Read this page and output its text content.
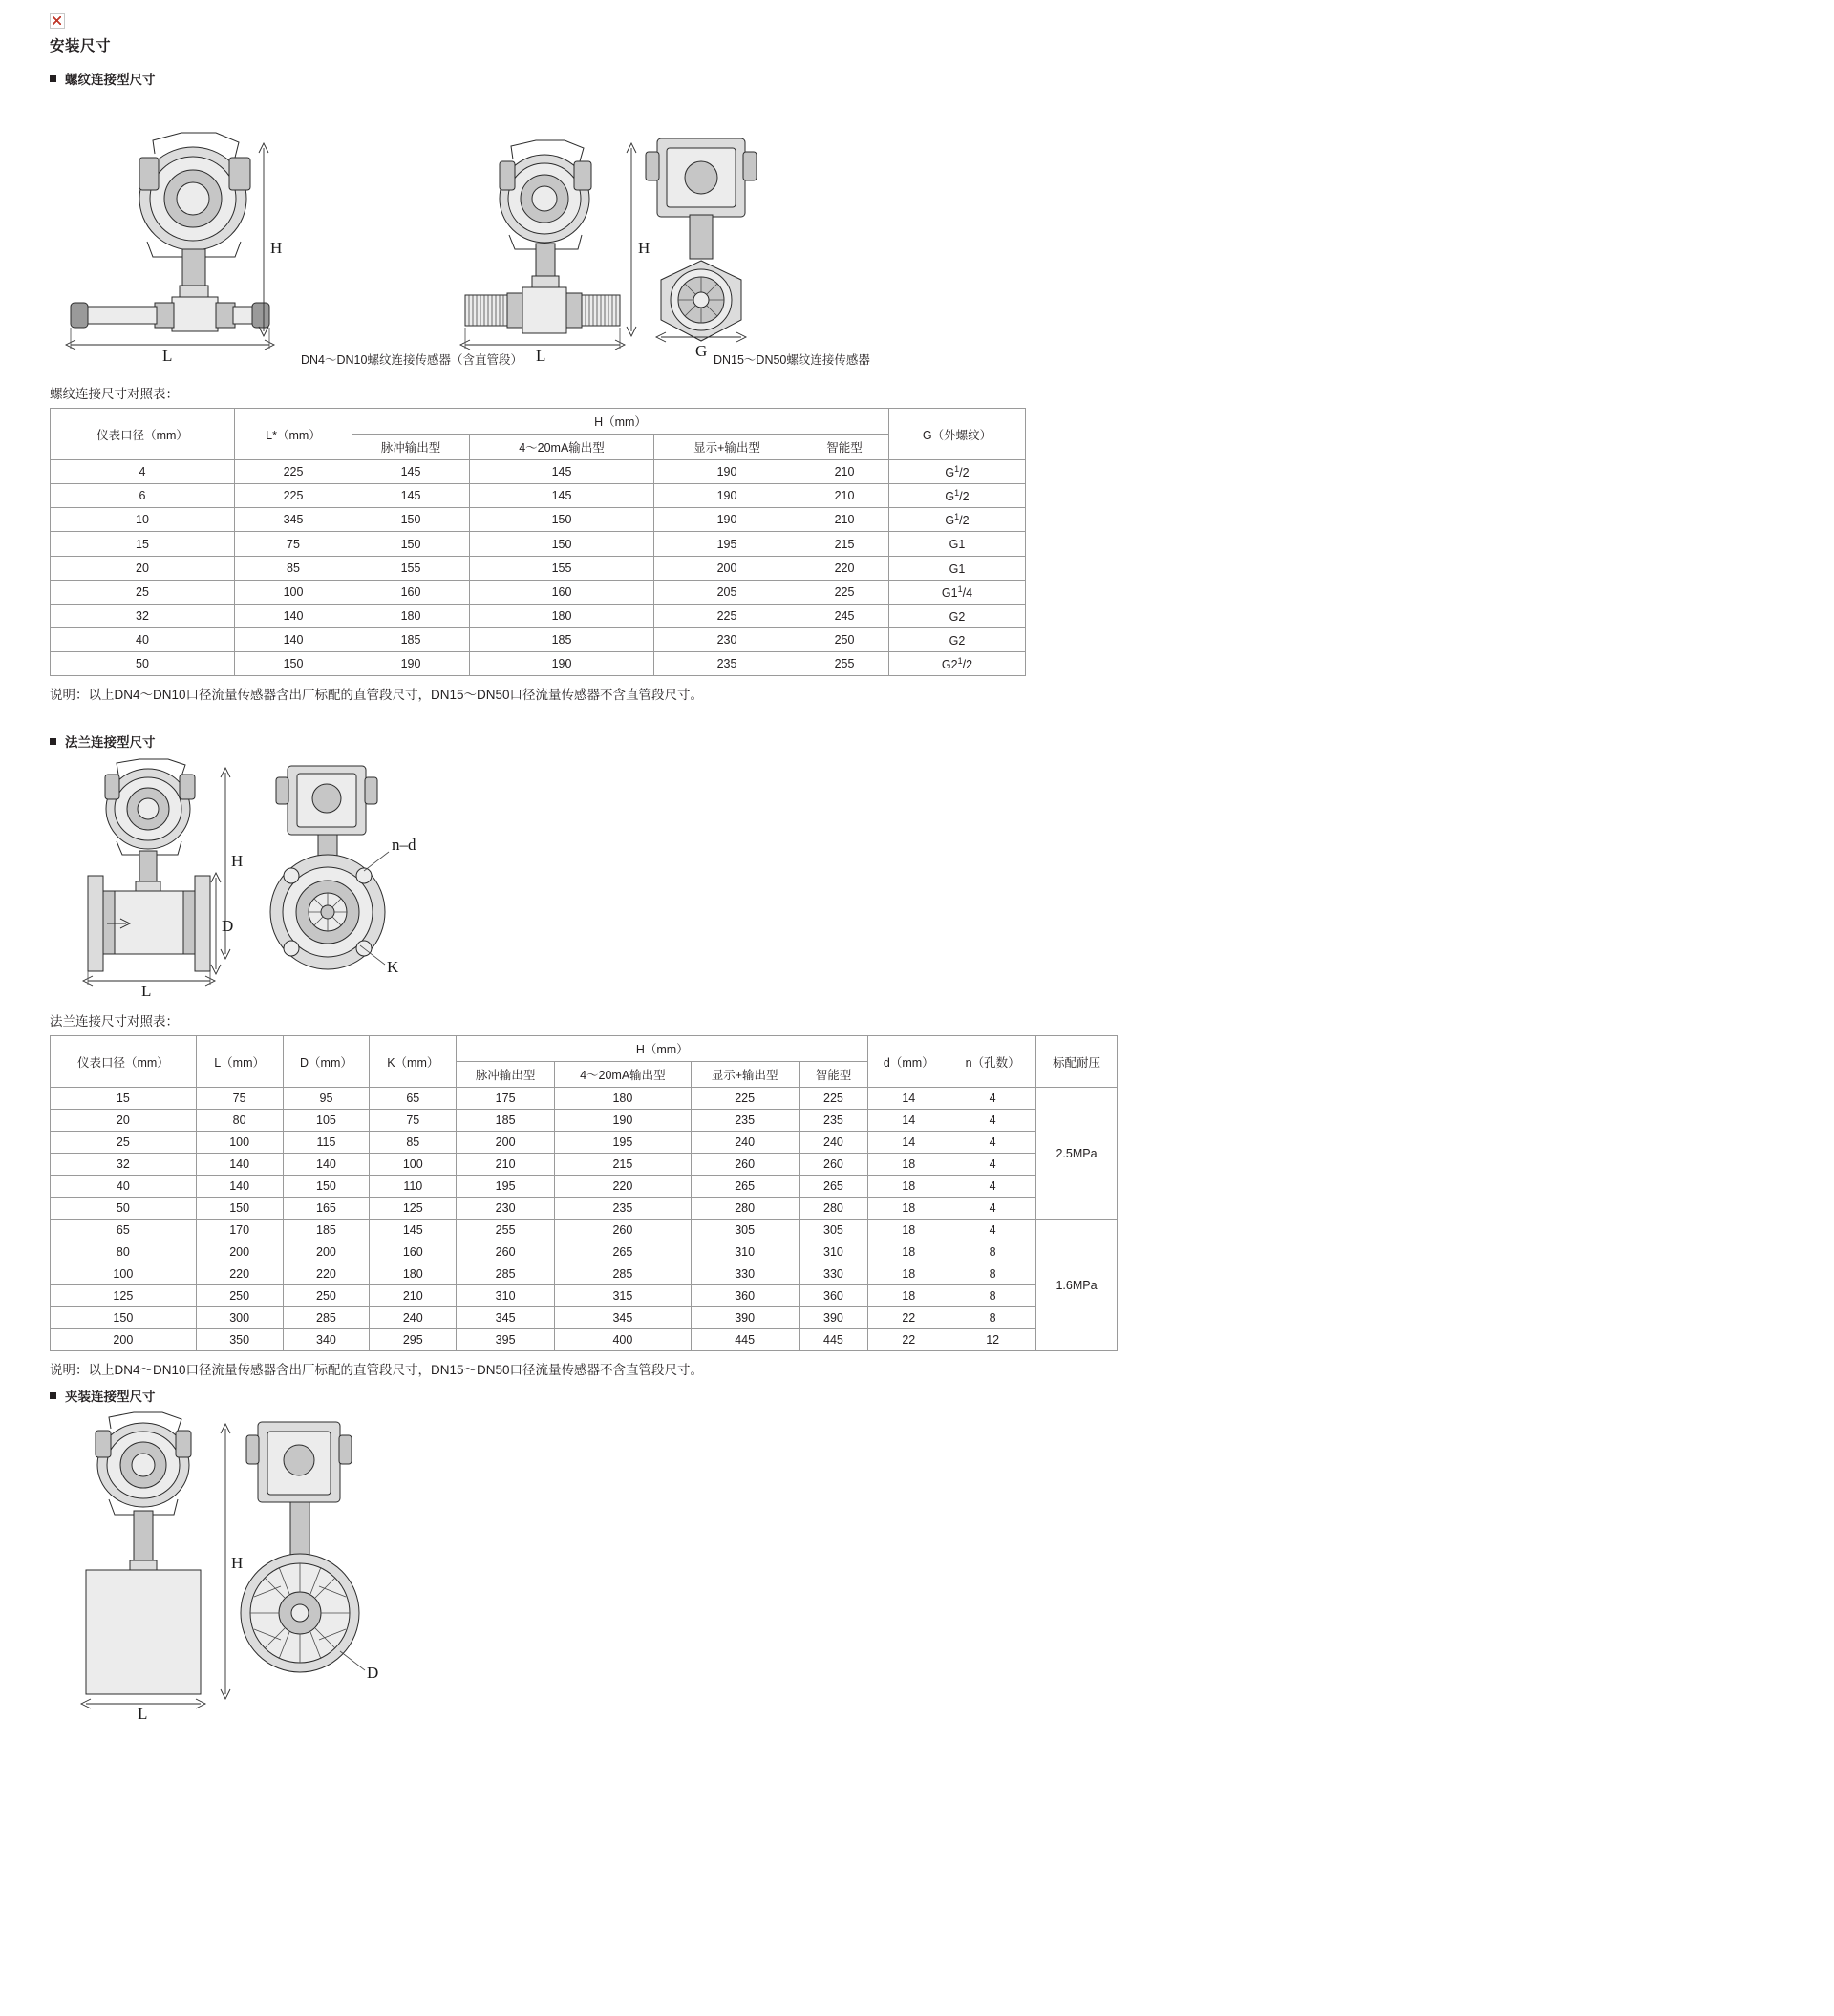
安装尺寸
螺纹连接型尺寸
H
L
H
L	G
DN4～DN10螺纹连接传感器（含直管段）	DN15～DN50螺纹连接传感器
螺纹连接尺寸对照表：
仪表口径（mm）	L*（mm）	H（mm）				G（外螺纹）
		脉冲输出型	4～20mA输出型	显示+输出型	智能型	
4	225	145	145	190	210	$G^1/2$
6	225	145	145	190	210	$G^1/2$
10	345	150	150	190	210	$G^1/2$
15	75	150	150	195	215	G1
20	85	155	155	200	220	G1
25	100	160	160	205	225	$G1^1/4$
32	140	180	180	225	245	G2
40	140	185	185	230	250	G2
50	150	190	190	235	255	$G2^1/2$
说明：以上DN4～DN10口径流量传感器含出厂标配的直管段尺寸，DN15～DN50口径流量传感器不含直管段尺寸。
法兰连接型尺寸
H
D
L
n–d
K
法兰连接尺寸对照表：
仪表口径（mm）	L（mm）	D（mm）	K（mm）	H（mm）				d（mm）	n（孔数）	标配耐压
				脉冲输出型	4～20mA输出型	显示+输出型	智能型			
15	75	95	65	175	180	225	225	14	4	2.5MPa
20	80	105	75	185	190	235	235	14	4	
25	100	115	85	200	195	240	240	14	4	
32	140	140	100	210	215	260	260	18	4	
40	140	150	110	195	220	265	265	18	4	
50	150	165	125	230	235	280	280	18	4	
65	170	185	145	255	260	305	305	18	4	1.6MPa
80	200	200	160	260	265	310	310	18	8	
100	220	220	180	285	285	330	330	18	8	
125	250	250	210	310	315	360	360	18	8	
150	300	285	240	345	345	390	390	22	8	
200	350	340	295	395	400	445	445	22	12	
说明：以上DN4～DN10口径流量传感器含出厂标配的直管段尺寸，DN15～DN50口径流量传感器不含直管段尺寸。
夹装连接型尺寸
H
L
D
